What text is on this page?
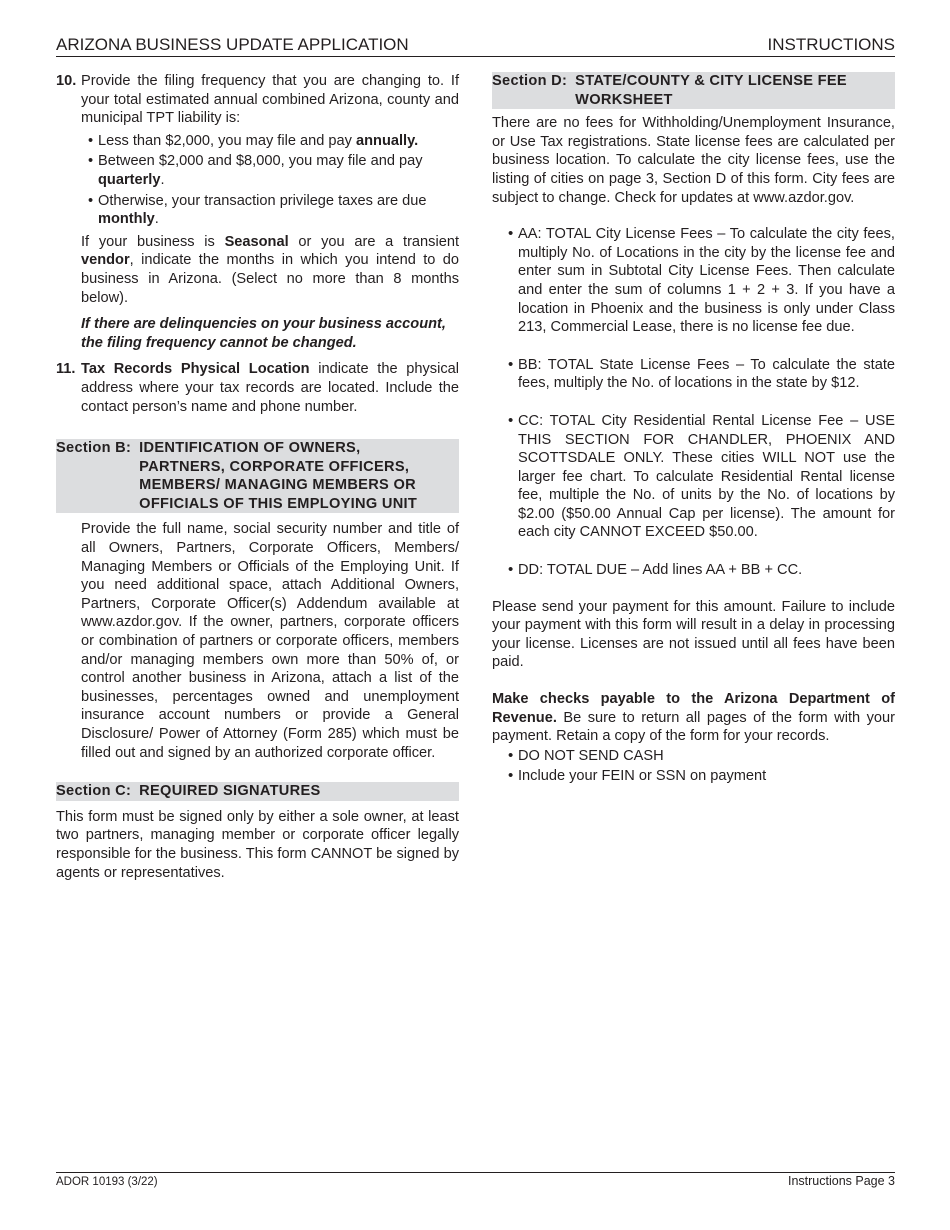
ARIZONA BUSINESS UPDATE APPLICATION	INSTRUCTIONS
10. Provide the filing frequency that you are changing to. If your total estimated annual combined Arizona, county and municipal TPT liability is:

• Less than $2,000, you may file and pay annually.
• Between $2,000 and $8,000, you may file and pay quarterly.
• Otherwise, your transaction privilege taxes are due monthly.

If your business is Seasonal or you are a transient vendor, indicate the months in which you intend to do business in Arizona. (Select no more than 8 months below).

If there are delinquencies on your business account, the filing frequency cannot be changed.

11. Tax Records Physical Location indicate the physical address where your tax records are located. Include the contact person’s name and phone number.

Section B: IDENTIFICATION OF OWNERS, PARTNERS, CORPORATE OFFICERS, MEMBERS/ MANAGING MEMBERS OR OFFICIALS OF THIS EMPLOYING UNIT

Provide the full name, social security number and title of all Owners, Partners, Corporate Officers, Members/ Managing Members or Officials of the Employing Unit. If you need additional space, attach Additional Owners, Partners, Corporate Officer(s) Addendum available at www.azdor.gov. If the owner, partners, corporate officers or combination of partners or corporate officers, members and/or managing members own more than 50% of, or control another business in Arizona, attach a list of the businesses, percentages owned and unemployment insurance account numbers or provide a General Disclosure/ Power of Attorney (Form 285) which must be filled out and signed by an authorized corporate officer.

Section C: REQUIRED SIGNATURES

This form must be signed only by either a sole owner, at least two partners, managing member or corporate officer legally responsible for the business. This form CANNOT be signed by agents or representatives.

Section D: STATE/COUNTY & CITY LICENSE FEE WORKSHEET

There are no fees for Withholding/Unemployment Insurance, or Use Tax registrations. State license fees are calculated per business location. To calculate the city license fees, use the listing of cities on page 3, Section D of this form. City fees are subject to change. Check for updates at www.azdor.gov.

• AA: TOTAL City License Fees – To calculate the city fees, multiply No. of Locations in the city by the license fee and enter sum in Subtotal City License Fees. Then calculate and enter the sum of columns 1 + 2 + 3. If you have a location in Phoenix and the business is only under Class 213, Commercial Lease, there is no license fee due.
• BB: TOTAL State License Fees – To calculate the state fees, multiply the No. of locations in the state by $12.
• CC: TOTAL City Residential Rental License Fee – USE THIS SECTION FOR CHANDLER, PHOENIX AND SCOTTSDALE ONLY. These cities WILL NOT use the larger fee chart. To calculate Residential Rental license fee, multiple the No. of units by the No. of locations by $2.00 ($50.00 Annual Cap per license). The amount for each city CANNOT EXCEED $50.00.
• DD: TOTAL DUE – Add lines AA + BB + CC.

Please send your payment for this amount. Failure to include your payment with this form will result in a delay in processing your license. Licenses are not issued until all fees have been paid.

Make checks payable to the Arizona Department of Revenue. Be sure to return all pages of the form with your payment. Retain a copy of the form for your records.

• DO NOT SEND CASH
• Include your FEIN or SSN on payment
ADOR 10193 (3/22)	Instructions Page 3
